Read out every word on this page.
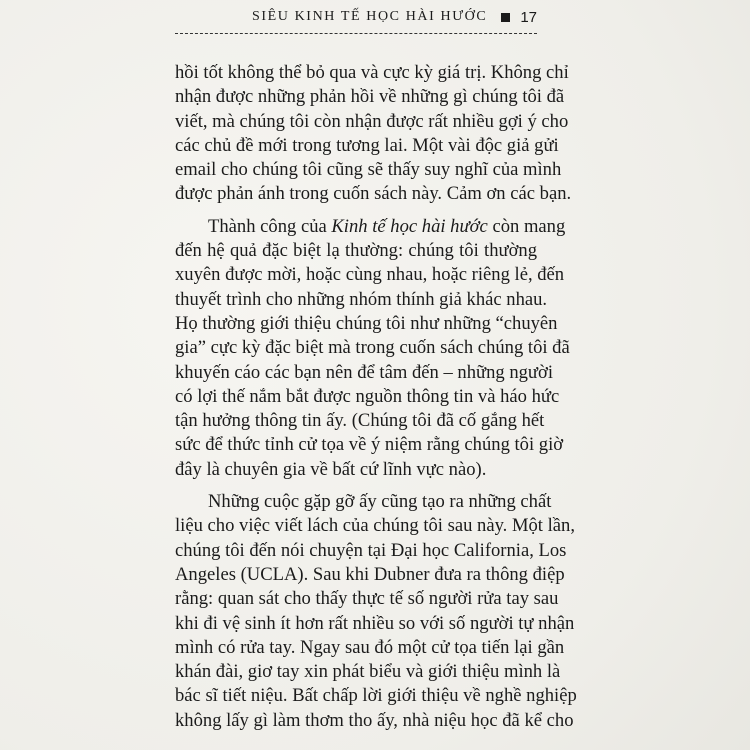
SIÊU KINH TẾ HỌC HÀI HƯỚC 17
hồi tốt không thể bỏ qua và cực kỳ giá trị. Không chỉ
nhận được những phản hồi về những gì chúng tôi đã
viết, mà chúng tôi còn nhận được rất nhiều gợi ý cho
các chủ đề mới trong tương lai. Một vài độc giả gửi
email cho chúng tôi cũng sẽ thấy suy nghĩ của mình
được phản ánh trong cuốn sách này. Cảm ơn các bạn.
Thành công của Kinh tế học hài hước còn mang
đến hệ quả đặc biệt lạ thường: chúng tôi thường
xuyên được mời, hoặc cùng nhau, hoặc riêng lẻ, đến
thuyết trình cho những nhóm thính giả khác nhau.
Họ thường giới thiệu chúng tôi như những “chuyên
gia” cực kỳ đặc biệt mà trong cuốn sách chúng tôi đã
khuyến cáo các bạn nên để tâm đến – những người
có lợi thế nắm bắt được nguồn thông tin và háo hức
tận hưởng thông tin ấy. (Chúng tôi đã cố gắng hết
sức để thức tỉnh cử tọa về ý niệm rằng chúng tôi giờ
đây là chuyên gia về bất cứ lĩnh vực nào).
Những cuộc gặp gỡ ấy cũng tạo ra những chất
liệu cho việc viết lách của chúng tôi sau này. Một lần,
chúng tôi đến nói chuyện tại Đại học California, Los
Angeles (UCLA). Sau khi Dubner đưa ra thông điệp
rằng: quan sát cho thấy thực tế số người rửa tay sau
khi đi vệ sinh ít hơn rất nhiều so với số người tự nhận
mình có rửa tay. Ngay sau đó một cử tọa tiến lại gần
khán đài, giơ tay xin phát biểu và giới thiệu mình là
bác sĩ tiết niệu. Bất chấp lời giới thiệu về nghề nghiệp
không lấy gì làm thơm tho ấy, nhà niệu học đã kể cho
